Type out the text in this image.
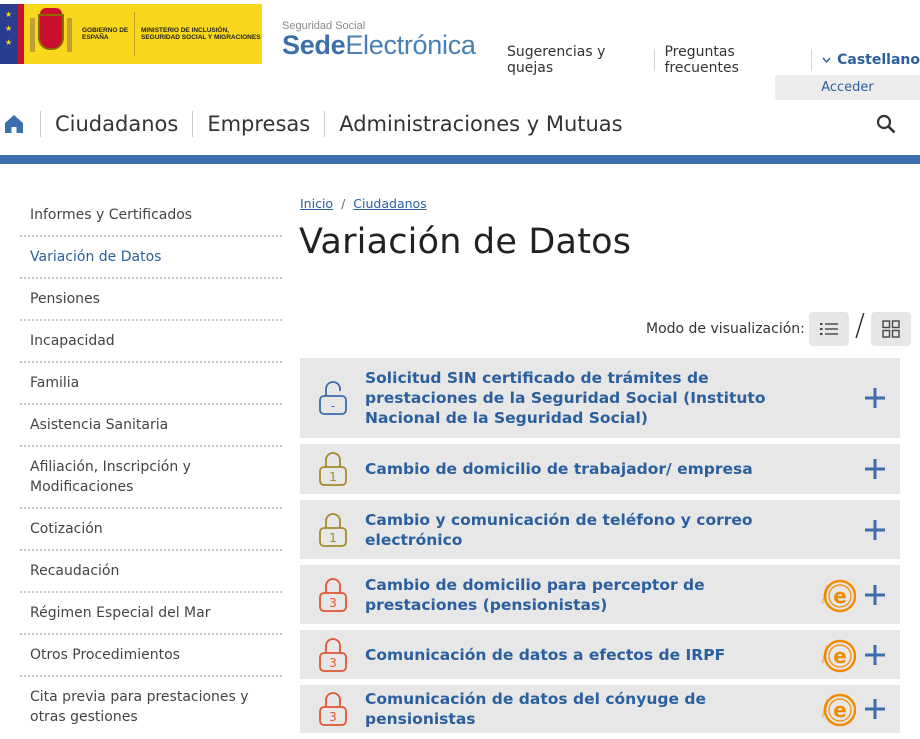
★
★
★
GOBIERNO DE ESPAÑA
MINISTERIO DE INCLUSIÓN, SEGURIDAD SOCIAL Y MIGRACIONES
Seguridad Social
SedeElectrónica Sugerencias y quejas
Preguntas frecuentes	Castellano
Acceder
Ciudadanos Empresas Administraciones y Mutuas
Informes y Certificados
Variación de Datos
Pensiones
Incapacidad
Familia
Asistencia Sanitaria
Afiliación, Inscripción y Modificaciones
Cotización
Recaudación
Régimen Especial del Mar
Otros Procedimientos
Cita previa para prestaciones y otras gestiones
Inicio / Ciudadanos
Variación de Datos
Modo de visualización: /
-
Solicitud SIN certificado de trámites de prestaciones de la Seguridad Social (Instituto Nacional de la Seguridad Social)
1 Cambio de domicilio de trabajador/ empresa
1
Cambio y comunicación de teléfono y correo electrónico
3
Cambio de domicilio para perceptor de prestaciones (pensionistas)	e
registro
3 Comunicación de datos a efectos de IRPF	e
registro
3
Comunicación de datos del cónyuge de pensionistas	e
registro
